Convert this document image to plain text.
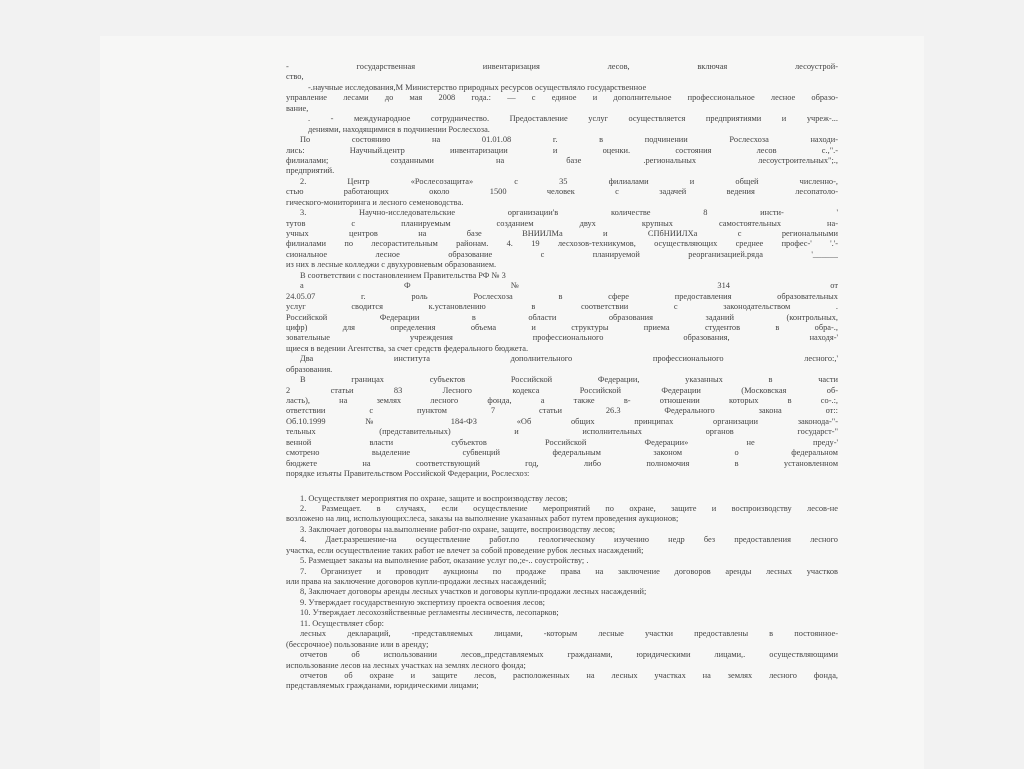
- государственная инвентаризация лесов, включая лесоустрой-
ство,
-.научные исследования,М Министерство природных ресурсов осуществляло государственное
управление лесами до мая 2008 года.: — с единое и дополнительное профессиональное лесное образо-
вание,
. - международное сотрудничество. Предоставление услуг осуществляется предприятиями и учреж-...
дениями, находящимися в подчинении Рослесхоза.
По состоянию на 01.01.08 г. в подчинении Рослесхоза находи-
лись: Научный.центр инвентаризации и оценки. состояния лесов с.,".-
филиалами; созданными на базе .региональных лесоустроительных";.,
предприятий.
2. Центр «Рослесозащита» с 35 филиалами и общей численно-,
стью работающих около 1500 человек с задачей ведения лесопатоло-
гического-мониторинга и лесного семеноводства.
3. Научно-исследовательские организации'в количестве 8 инсти- '
тутов с планируемым созданием двух крупных самостоятельных на-
учных центров на базе ВНИИЛМа и СПбНИИЛХа с региональными
филиалами по лесорастительным районам. 4. 19 лесхозов-техникумов, осуществляющих среднее профес-' '.'-
сиональное лесное образование с планируемой реорганизацией.ряда '______
из них в лесные колледжи с двухуровневым образованием.
В соответствии с постановлением Правительства РФ № 3
а Ф № 314 от
24.05.07 г. роль Рослесхоза в сфере предоставления образовательных
услуг сводится к.установлению в соответствии с законодательством .
Российской Федерации в области образования заданий (контрольных,
цифр) для определения объема и структуры приема студентов в обра-.,
зовательные учреждения профессионального образования, находя-'
щиеся в ведении Агентства, за счет средств федерального бюджета.
Два института дополнительного профессионального лесного:,'
образования.
В границах субъектов Российской Федерации, указанных в части
2 статьи 83 Лесного кодекса Российской Федерации (Московская об-
ласть), на землях лесного фонда, а также в- отношении которых в со-.:,
ответствии с пунктом 7 статьи 26.3 Федерального закона от::
Об.10.1999 № 184-ФЗ «Об общих принципах организации законода-"-
тельных (представительных) и исполнительных органов государст-"
венной власти субъектов Российской Федерации» не преду-'
смотрено выделение субвенций федеральным законом о федеральном
бюджете на соответствующий год, либо полномочия в установленном
порядке изъяты Правительством Российской Федерации, Рослесхоз:
1. Осуществляет мероприятия по охране, защите и воспроизводству лесов;
2. Размещает. в случаях, если осуществление мероприятий по охране, защите и воспроизводству лесов-не
возложено на лиц, использующих:леса, заказы на выполнение указанных работ путем проведения аукционов;
3. Заключает договоры на.выполнение работ-по охране, защите, воспроизводству лесов;
4. Дает.разрешение-на осуществление работ.по геологическому изучению недр без предоставления лесного
участка, если осуществление таких работ не влечет за собой проведение рубок лесных насаждений;
5. Размещает заказы на выполнение работ, оказание услуг по,;е-.. соустройству; .
7. Организует и проводит аукционы по продаже права на заключение договоров аренды лесных участков
или права на заключение договоров купли-продажи лесных насаждений;
8, Заключает договоры аренды лесных участков и договоры купли-продажи лесных насаждений;
9. Утверждает государственную экспертизу проекта освоения лесов;
10. Утверждает лесохозяйственные регламенты лесничеств, лесопарков;
11. Осуществляет сбор:
лесных деклараций, -представляемых лицами, -которым лесные участки предоставлены в постоянное-
(бессрочное) пользование или в аренду;
отчетов об использовании лесов,,представляемых гражданами, юридическими лицами,. осуществляющими
использование лесов на лесных участках на землях лесного фонда;
отчетов об охране и защите лесов, расположенных на лесных участках на землях лесного фонда,
представляемых гражданами, юридическими лицами;
